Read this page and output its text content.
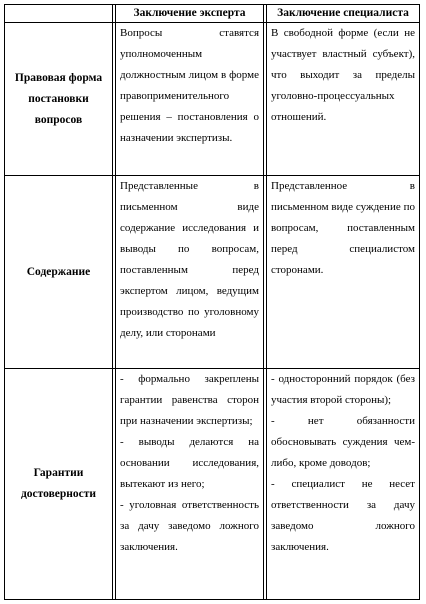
Заключение эксперта	Заключение специалиста
Правовая форма постановки вопросов

Вопросы ставятся уполномоченным должностным лицом в форме правоприменительного решения – постановления о назначении экспертизы.

В свободной форме (если не участвует властный субъект), что выходит за пределы уголовно-процессуальных отношений.

Содержание

Представленные в письменном виде содержание исследования и выводы по вопросам, поставленным перед экспертом лицом, ведущим производство по уголовному делу, или сторонами

Представленное в письменном виде суждение по вопросам, поставленным перед специалистом сторонами.

Гарантии достоверности

- формально закреплены гарантии равенства сторон при назначении экспертизы;

- выводы делаются на основании исследования, вытекают из него;

- уголовная ответственность за дачу заведомо ложного заключения.

- односторонний порядок (без участия второй стороны);

- нет обязанности обосновывать суждения чем-либо, кроме доводов;

- специалист не несет ответственности за дачу заведомо ложного заключения.
